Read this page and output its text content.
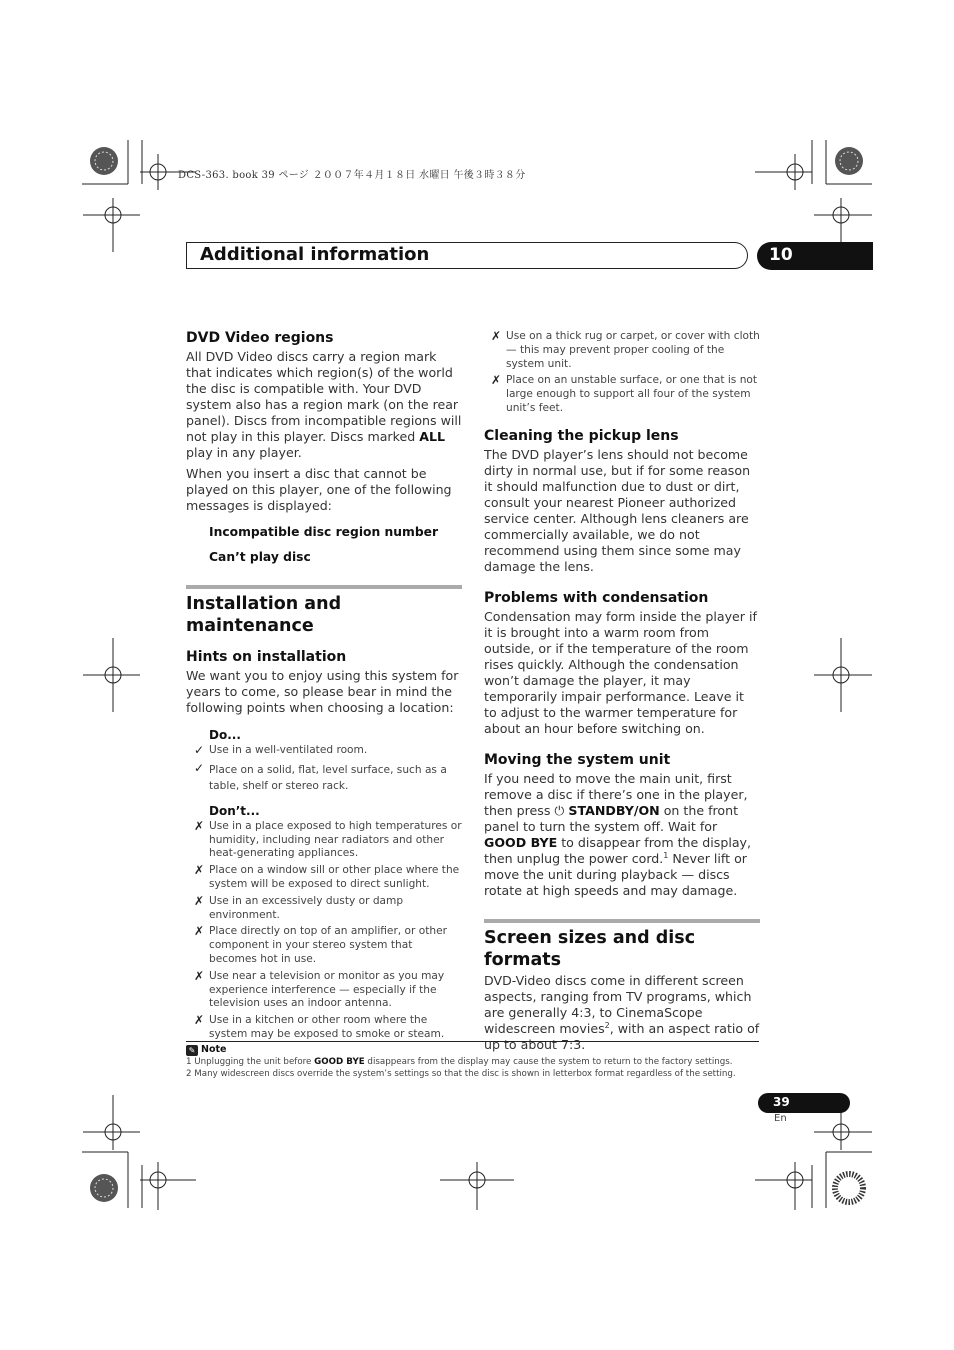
DCS-363. book 39 ページ ２００７年４月１８日 水曜日 午後３時３８分
Additional information	10
DVD Video regions

All DVD Video discs carry a region mark that indicates which region(s) of the world the disc is compatible with. Your DVD system also has a region mark (on the rear panel). Discs from incompatible regions will not play in this player. Discs marked ALL play in any player.

When you insert a disc that cannot be played on this player, one of the following messages is displayed:

Incompatible disc region number

Can’t play disc

Installation and maintenance
Hints on installation

We want you to enjoy using this system for years to come, so please bear in mind the following points when choosing a location:

Do...

✓ Use in a well-ventilated room.
✓ Place on a solid, flat, level surface, such as a table, shelf or stereo rack.

Don’t...

✗ Use in a place exposed to high temperatures or humidity, including near radiators and other heat-generating appliances.
✗ Place on a window sill or other place where the system will be exposed to direct sunlight.
✗ Use in an excessively dusty or damp environment.
✗ Place directly on top of an amplifier, or other component in your stereo system that becomes hot in use.
✗ Use near a television or monitor as you may experience interference — especially if the television uses an indoor antenna.
✗ Use in a kitchen or other room where the system may be exposed to smoke or steam.
✗ Use on a thick rug or carpet, or cover with cloth — this may prevent proper cooling of the system unit.
✗ Place on an unstable surface, or one that is not large enough to support all four of the system unit’s feet.
Cleaning the pickup lens

The DVD player’s lens should not become dirty in normal use, but if for some reason it should malfunction due to dust or dirt, consult your nearest Pioneer authorized service center. Although lens cleaners are commercially available, we do not recommend using them since some may damage the lens.

Problems with condensation

Condensation may form inside the player if it is brought into a warm room from outside, or if the temperature of the room rises quickly. Although the condensation won’t damage the player, it may temporarily impair performance. Leave it to adjust to the warmer temperature for about an hour before switching on.

Moving the system unit

If you need to move the main unit, first remove a disc if there’s one in the player, then press ⏻ STANDBY/ON on the front panel to turn the system off. Wait for GOOD BYE to disappear from the display, then unplug the power cord.$^1$ Never lift or move the unit during playback — discs rotate at high speeds and may damage.

Screen sizes and disc formats

DVD-Video discs come in different screen aspects, ranging from TV programs, which are generally 4:3, to CinemaScope widescreen movies$^2$, with an aspect ratio of up to about 7:3.

✎ Note
1 Unplugging the unit before GOOD BYE disappears from the display may cause the system to return to the factory settings.
2 Many widescreen discs override the system’s settings so that the disc is shown in letterbox format regardless of the setting.
39
En
